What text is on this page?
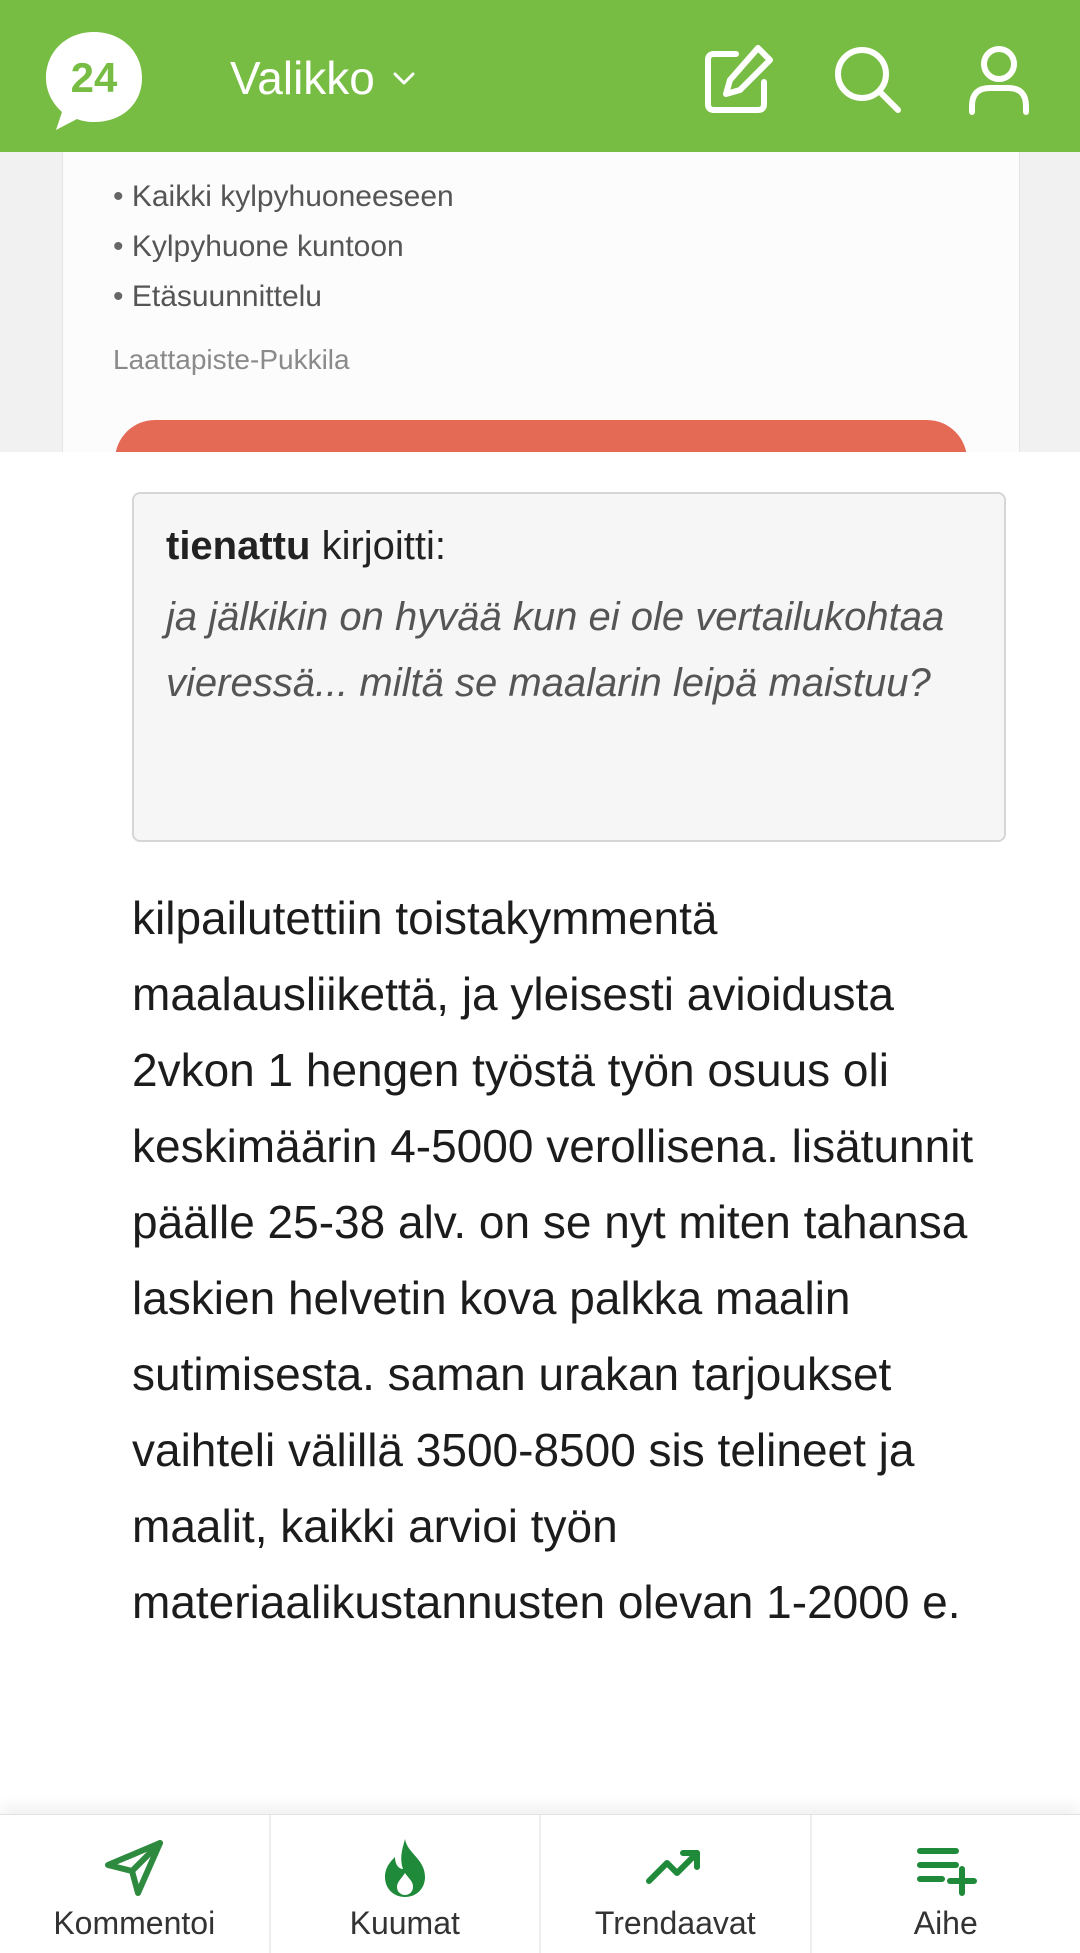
24 Valikko
• Kaikki kylpyhuoneeseen
• Kylpyhuone kuntoon
• Etäsuunnittelu
Laattapiste-Pukkila
tienattu kirjoitti:
ja jälkikin on hyvää kun ei ole vertailukohtaa vieressä... miltä se maalarin leipä maistuu?
kilpailutettiin toistakymmentä maalausliikettä, ja yleisesti avioidusta 2vkon 1 hengen työstä työn osuus oli keskimäärin 4-5000 verollisena. lisätunnit päälle 25-38 alv. on se nyt miten tahansa laskien helvetin kova palkka maalin sutimisesta. saman urakan tarjoukset vaihteli välillä 3500-8500 sis telineet ja maalit, kaikki arvioi työn materiaalikustannusten olevan 1-2000 e.
Kommentoi	Kuumat	Trendaavat	Aihe
